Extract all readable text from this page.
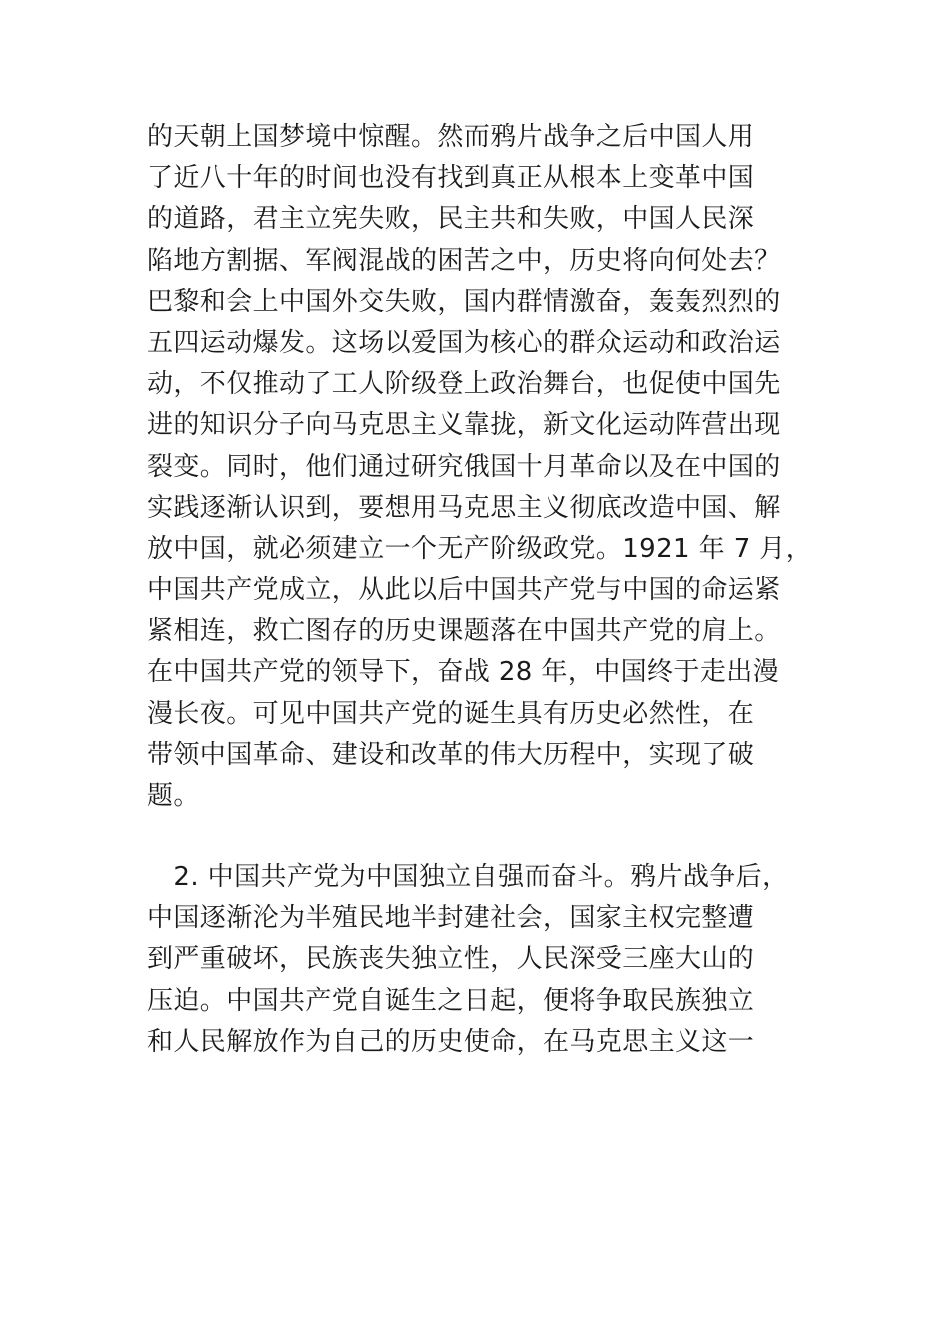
的天朝上国梦境中惊醒。然而鸦片战争之后中国人用
了近八十年的时间也没有找到真正从根本上变革中国
的道路，君主立宪失败，民主共和失败，中国人民深
陷地方割据、军阀混战的困苦之中，历史将向何处去？
巴黎和会上中国外交失败，国内群情激奋，轰轰烈烈的
五四运动爆发。这场以爱国为核心的群众运动和政治运
动，不仅推动了工人阶级登上政治舞台，也促使中国先
进的知识分子向马克思主义靠拢，新文化运动阵营出现
裂变。同时，他们通过研究俄国十月革命以及在中国的
实践逐渐认识到，要想用马克思主义彻底改造中国、解
放中国，就必须建立一个无产阶级政党。1921 年 7 月，
中国共产党成立，从此以后中国共产党与中国的命运紧
紧相连，救亡图存的历史课题落在中国共产党的肩上。
在中国共产党的领导下，奋战 28 年，中国终于走出漫
漫长夜。可见中国共产党的诞生具有历史必然性，在
带领中国革命、建设和改革的伟大历程中，实现了破
题。
　2. 中国共产党为中国独立自强而奋斗。鸦片战争后，
中国逐渐沦为半殖民地半封建社会，国家主权完整遭
到严重破坏，民族丧失独立性，人民深受三座大山的
压迫。中国共产党自诞生之日起，便将争取民族独立
和人民解放作为自己的历史使命，在马克思主义这一
